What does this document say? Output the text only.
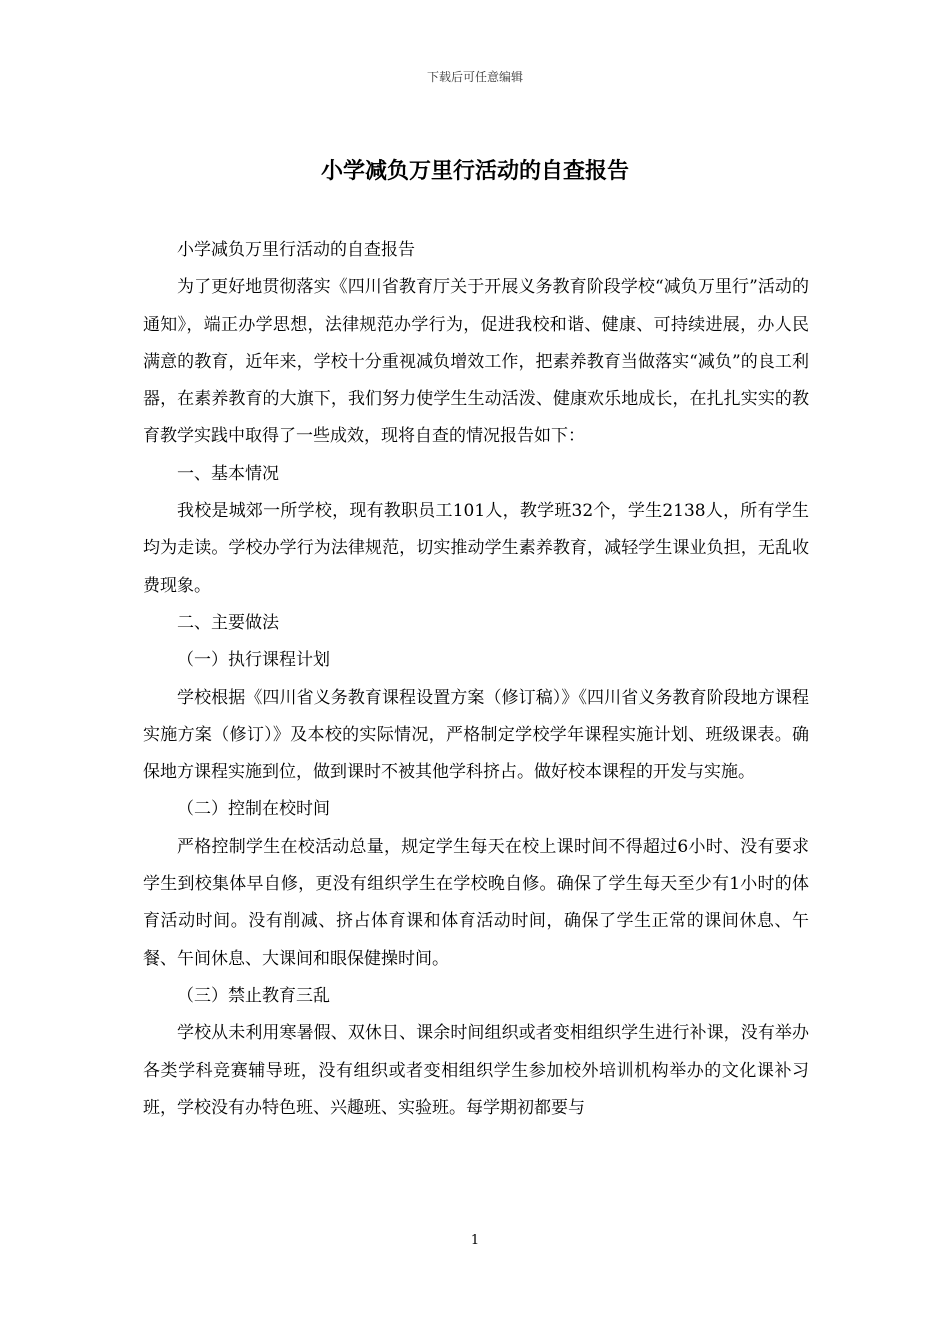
下载后可任意编辑
小学减负万里行活动的自查报告

小学减负万里行活动的自查报告

为了更好地贯彻落实《四川省教育厅关于开展义务教育阶段学校“减负万里行”活动的通知》，端正办学思想，法律规范办学行为，促进我校和谐、健康、可持续进展，办人民满意的教育，近年来，学校十分重视减负增效工作，把素养教育当做落实“减负”的良工利器，在素养教育的大旗下，我们努力使学生生动活泼、健康欢乐地成长，在扎扎实实的教育教学实践中取得了一些成效，现将自查的情况报告如下：

一、基本情况

我校是城郊一所学校，现有教职员工101人，教学班32个，学生2138人，所有学生均为走读。学校办学行为法律规范，切实推动学生素养教育，减轻学生课业负担，无乱收费现象。

二、主要做法

（一）执行课程计划

学校根据《四川省义务教育课程设置方案（修订稿）》《四川省义务教育阶段地方课程实施方案（修订）》及本校的实际情况，严格制定学校学年课程实施计划、班级课表。确保地方课程实施到位，做到课时不被其他学科挤占。做好校本课程的开发与实施。

（二）控制在校时间

严格控制学生在校活动总量，规定学生每天在校上课时间不得超过6小时、没有要求学生到校集体早自修，更没有组织学生在学校晚自修。确保了学生每天至少有1小时的体育活动时间。没有削减、挤占体育课和体育活动时间，确保了学生正常的课间休息、午餐、午间休息、大课间和眼保健操时间。

（三）禁止教育三乱

学校从未利用寒暑假、双休日、课余时间组织或者变相组织学生进行补课，没有举办各类学科竞赛辅导班，没有组织或者变相组织学生参加校外培训机构举办的文化课补习班，学校没有办特色班、兴趣班、实验班。每学期初都要与

1
